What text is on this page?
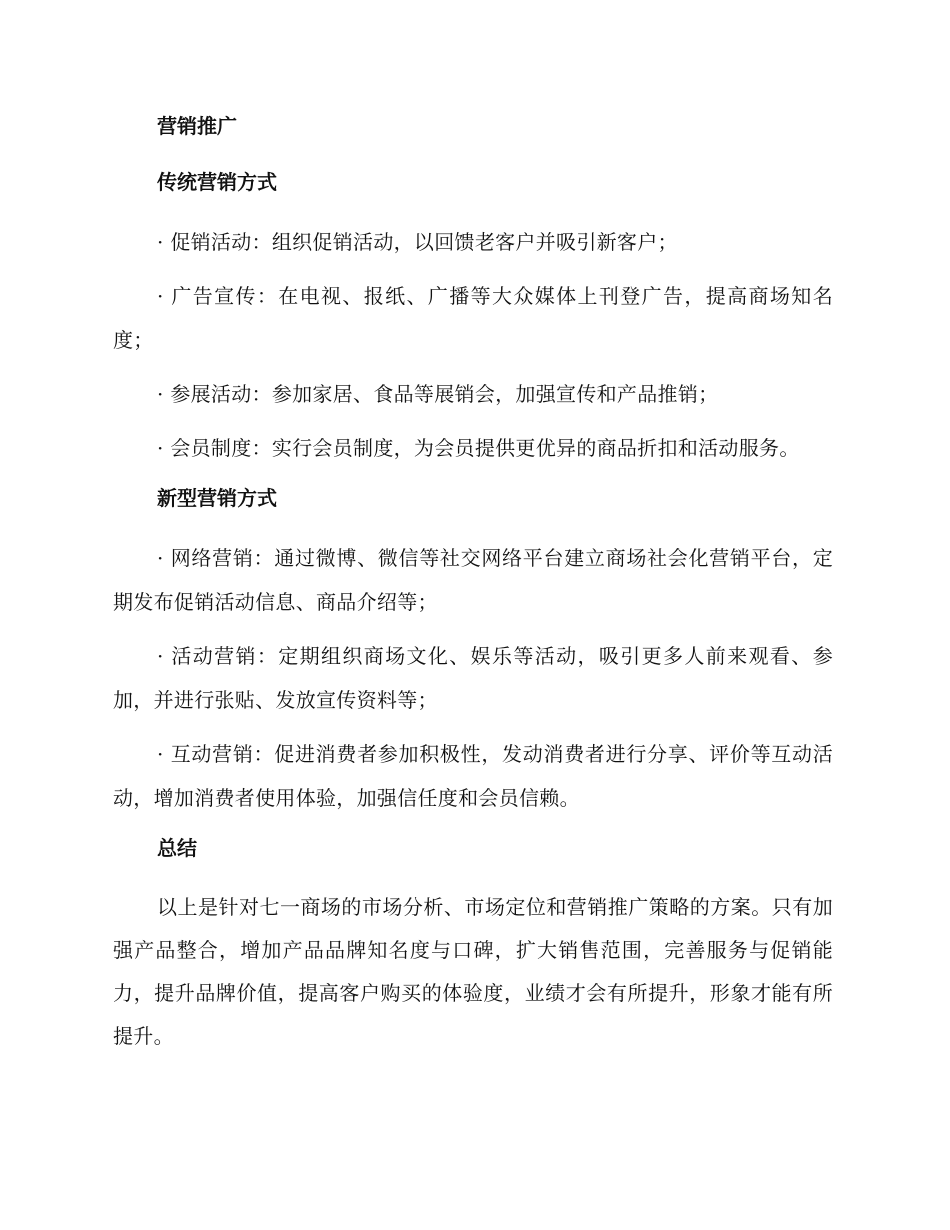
营销推广
传统营销方式

· 促销活动：组织促销活动，以回馈老客户并吸引新客户；

· 广告宣传：在电视、报纸、广播等大众媒体上刊登广告，提高商场知名度；

· 参展活动：参加家居、食品等展销会，加强宣传和产品推销；

· 会员制度：实行会员制度，为会员提供更优异的商品折扣和活动服务。

新型营销方式

· 网络营销：通过微博、微信等社交网络平台建立商场社会化营销平台，定期发布促销活动信息、商品介绍等；

· 活动营销：定期组织商场文化、娱乐等活动，吸引更多人前来观看、参加，并进行张贴、发放宣传资料等；

· 互动营销：促进消费者参加积极性，发动消费者进行分享、评价等互动活动，增加消费者使用体验，加强信任度和会员信赖。

总结

以上是针对七一商场的市场分析、市场定位和营销推广策略的方案。只有加强产品整合，增加产品品牌知名度与口碑，扩大销售范围，完善服务与促销能力，提升品牌价值，提高客户购买的体验度，业绩才会有所提升，形象才能有所提升。
